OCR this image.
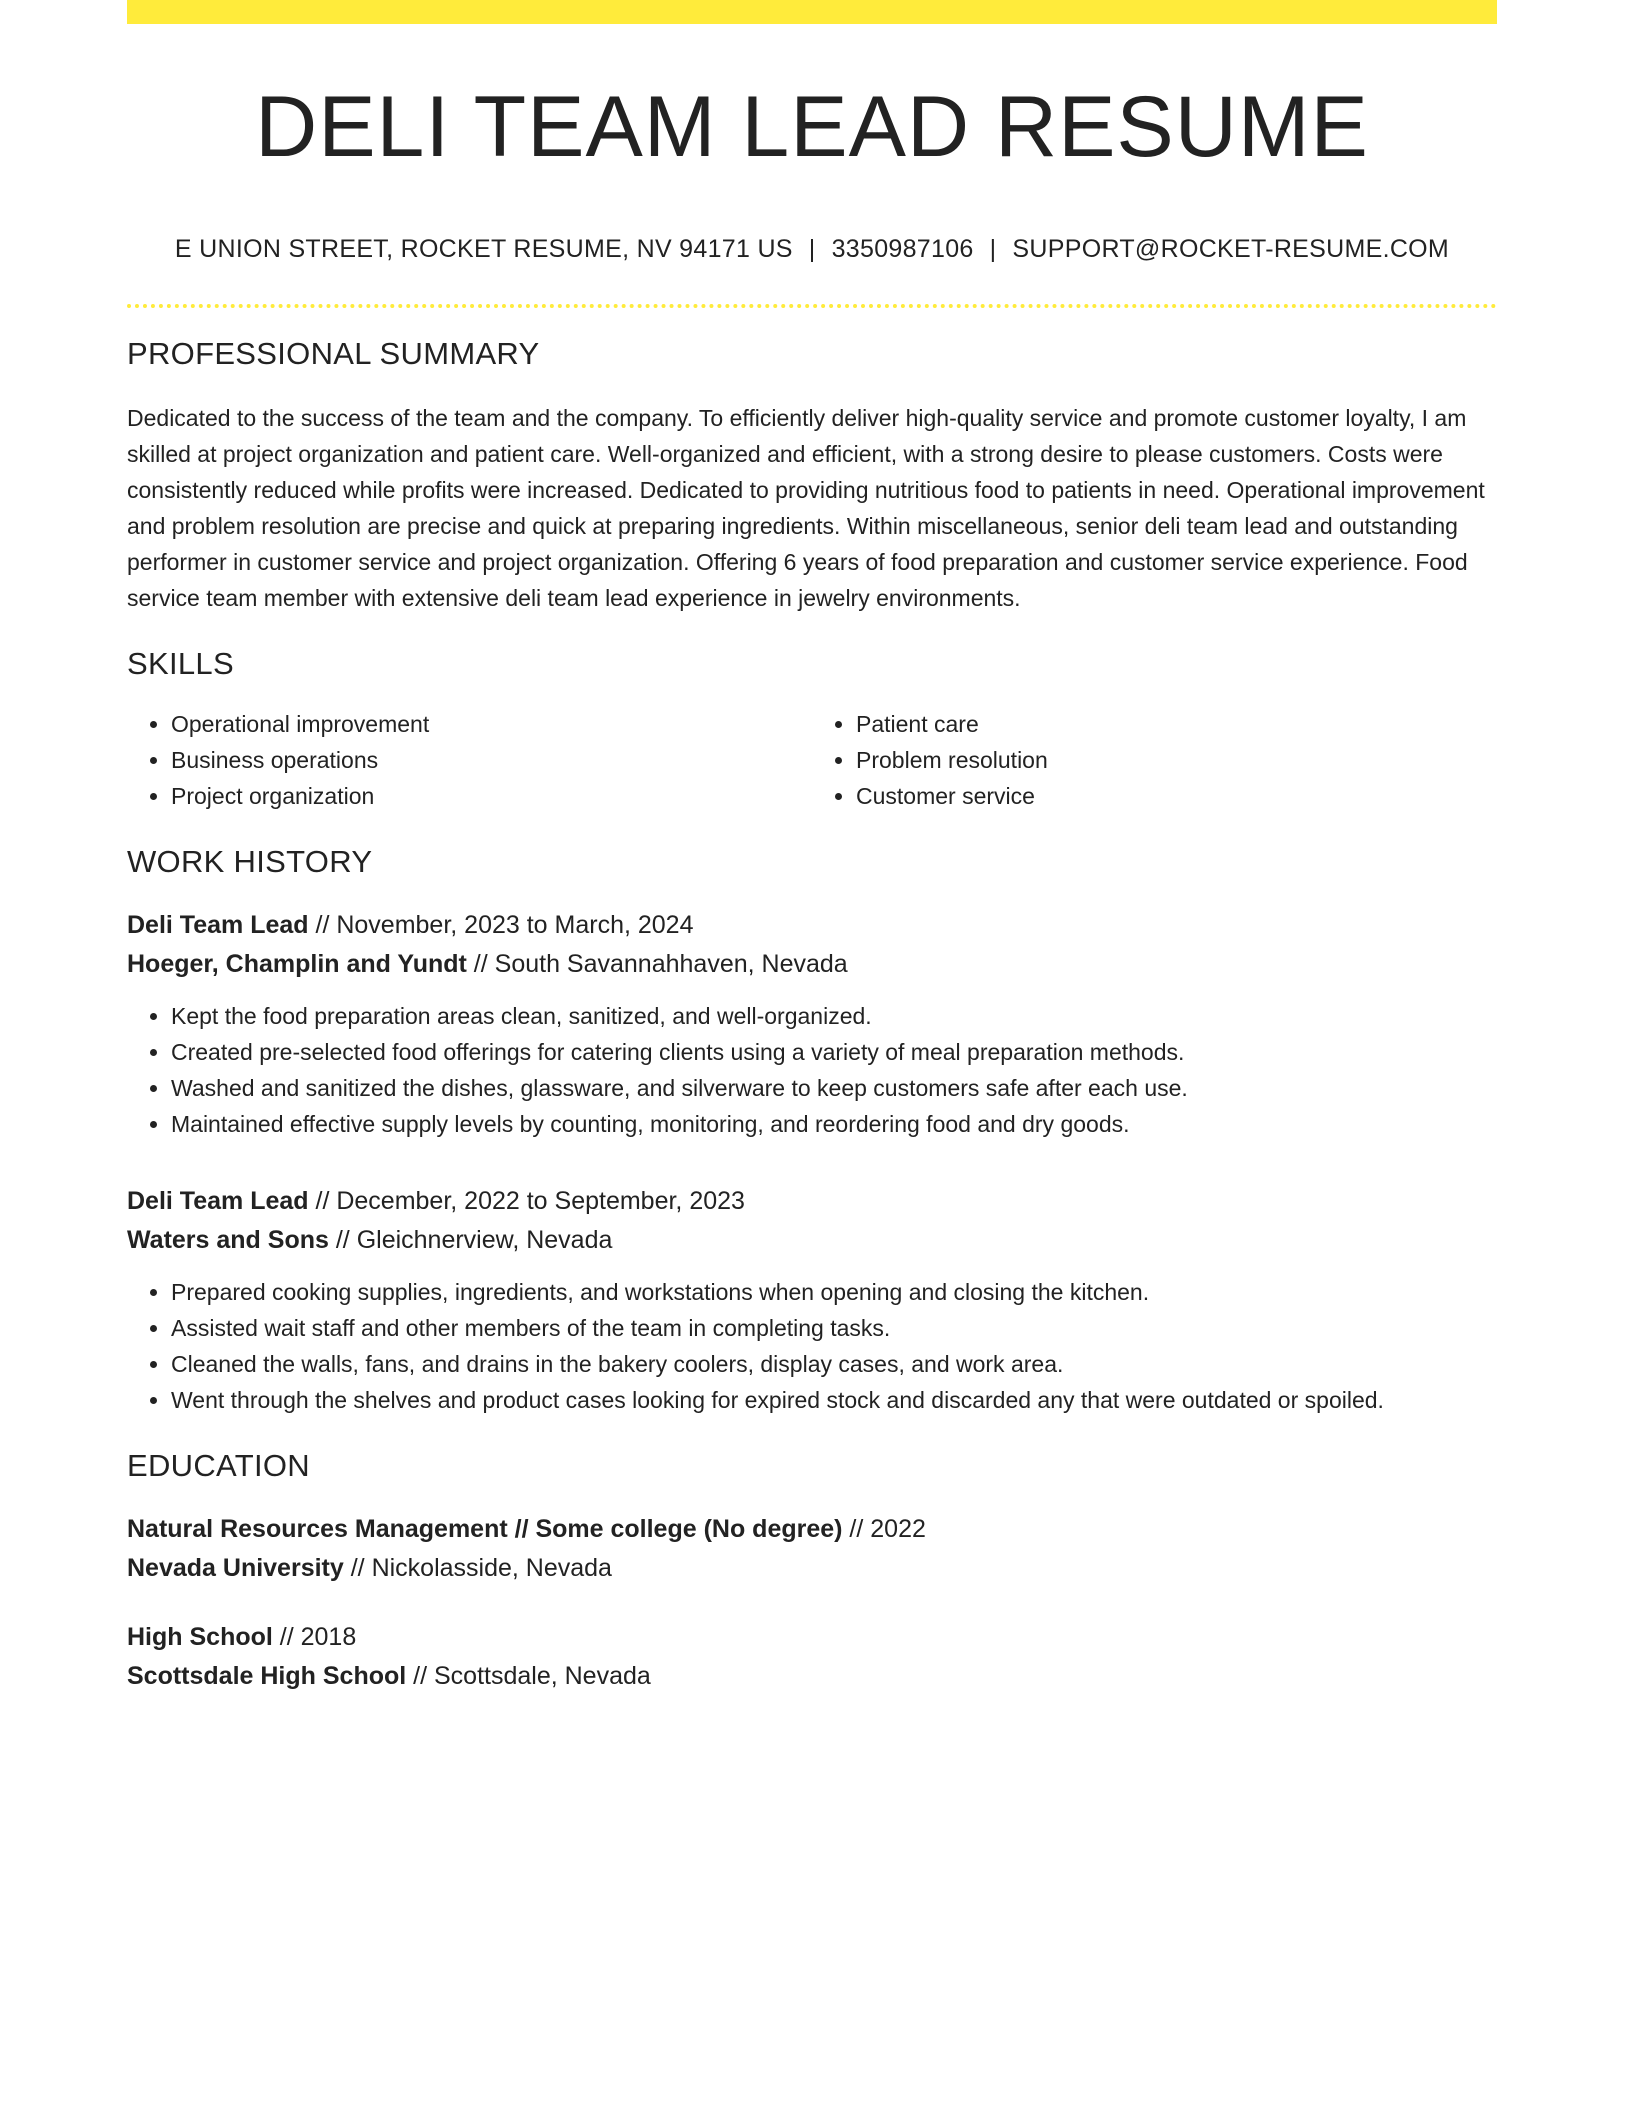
DELI TEAM LEAD RESUME
E UNION STREET, ROCKET RESUME, NV 94171 US | 3350987106 | SUPPORT@ROCKET-RESUME.COM
PROFESSIONAL SUMMARY

Dedicated to the success of the team and the company. To efficiently deliver high-quality service and promote customer loyalty, I am skilled at project organization and patient care. Well-organized and efficient, with a strong desire to please customers. Costs were consistently reduced while profits were increased. Dedicated to providing nutritious food to patients in need. Operational improvement and problem resolution are precise and quick at preparing ingredients. Within miscellaneous, senior deli team lead and outstanding performer in customer service and project organization. Offering 6 years of food preparation and customer service experience. Food service team member with extensive deli team lead experience in jewelry environments.

SKILLS
• Operational improvement
• Business operations
• Project organization
• Patient care
• Problem resolution
• Customer service
WORK HISTORY
Deli Team Lead // November, 2023 to March, 2024
Hoeger, Champlin and Yundt // South Savannahhaven, Nevada
• Kept the food preparation areas clean, sanitized, and well-organized.
• Created pre-selected food offerings for catering clients using a variety of meal preparation methods.
• Washed and sanitized the dishes, glassware, and silverware to keep customers safe after each use.
• Maintained effective supply levels by counting, monitoring, and reordering food and dry goods.
Deli Team Lead // December, 2022 to September, 2023
Waters and Sons // Gleichnerview, Nevada
• Prepared cooking supplies, ingredients, and workstations when opening and closing the kitchen.
• Assisted wait staff and other members of the team in completing tasks.
• Cleaned the walls, fans, and drains in the bakery coolers, display cases, and work area.
• Went through the shelves and product cases looking for expired stock and discarded any that were outdated or spoiled.
EDUCATION
Natural Resources Management // Some college (No degree) // 2022
Nevada University // Nickolasside, Nevada
High School // 2018
Scottsdale High School // Scottsdale, Nevada
